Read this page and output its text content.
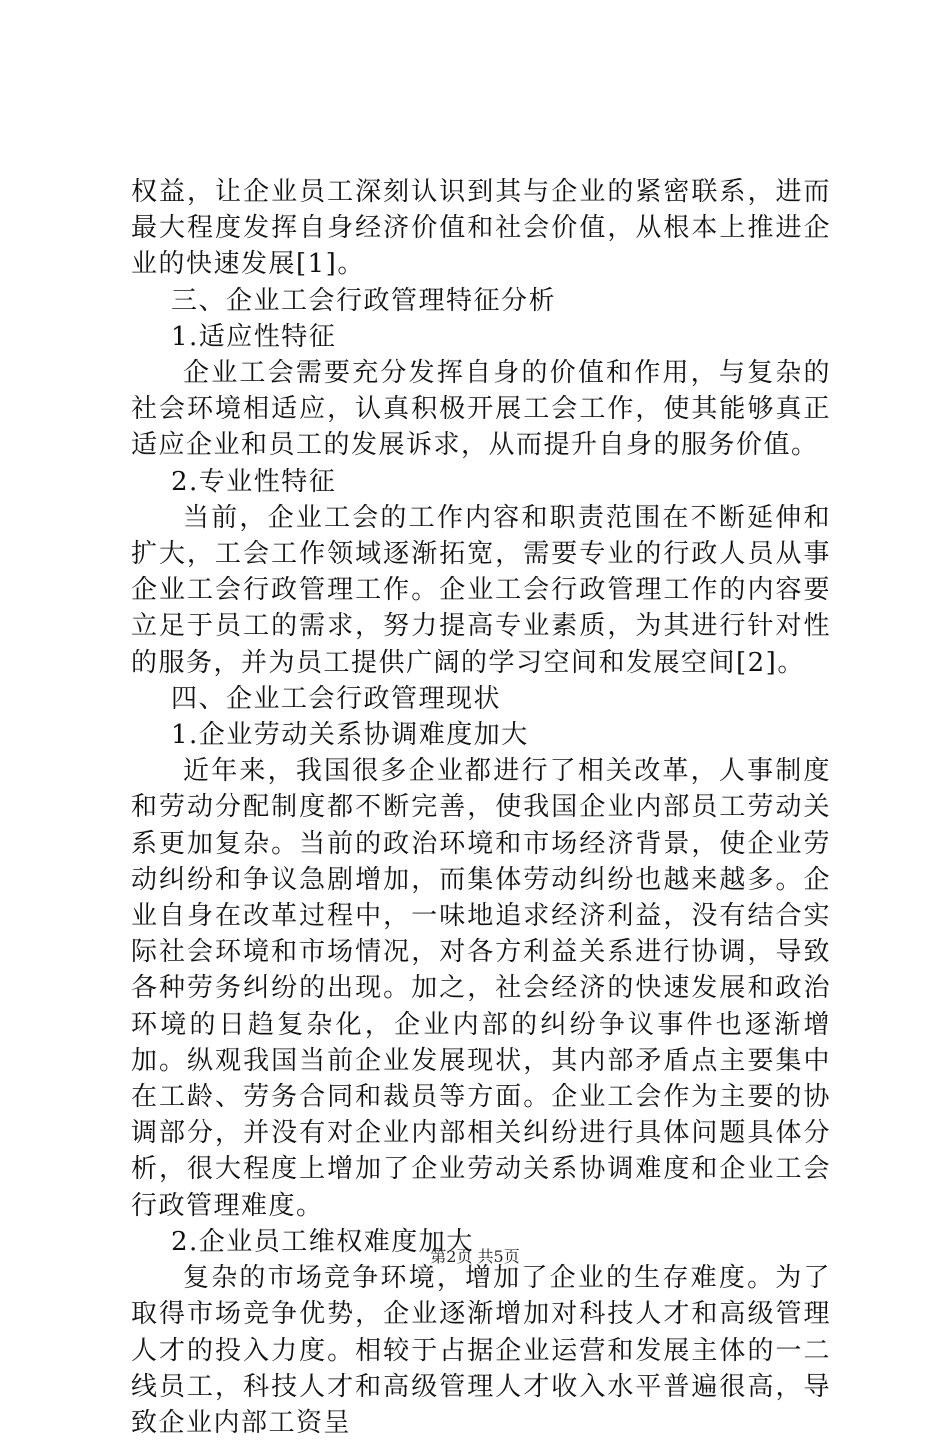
权益，让企业员工深刻认识到其与企业的紧密联系，进而最大程度发挥自身经济价值和社会价值，从根本上推进企业的快速发展[1]。

三、企业工会行政管理特征分析

1.适应性特征

企业工会需要充分发挥自身的价值和作用，与复杂的社会环境相适应，认真积极开展工会工作，使其能够真正适应企业和员工的发展诉求，从而提升自身的服务价值。

2.专业性特征

当前，企业工会的工作内容和职责范围在不断延伸和扩大，工会工作领域逐渐拓宽，需要专业的行政人员从事企业工会行政管理工作。企业工会行政管理工作的内容要立足于员工的需求，努力提高专业素质，为其进行针对性的服务，并为员工提供广阔的学习空间和发展空间[2]。

四、企业工会行政管理现状

1.企业劳动关系协调难度加大

近年来，我国很多企业都进行了相关改革，人事制度和劳动分配制度都不断完善，使我国企业内部员工劳动关系更加复杂。当前的政治环境和市场经济背景，使企业劳动纠纷和争议急剧增加，而集体劳动纠纷也越来越多。企业自身在改革过程中，一味地追求经济利益，没有结合实际社会环境和市场情况，对各方利益关系进行协调，导致各种劳务纠纷的出现。加之，社会经济的快速发展和政治环境的日趋复杂化，企业内部的纠纷争议事件也逐渐增加。纵观我国当前企业发展现状，其内部矛盾点主要集中在工龄、劳务合同和裁员等方面。企业工会作为主要的协调部分，并没有对企业内部相关纠纷进行具体问题具体分析，很大程度上增加了企业劳动关系协调难度和企业工会行政管理难度。

2.企业员工维权难度加大

复杂的市场竞争环境，增加了企业的生存难度。为了取得市场竞争优势，企业逐渐增加对科技人才和高级管理人才的投入力度。相较于占据企业运营和发展主体的一二线员工，科技人才和高级管理人才收入水平普遍很高，导致企业内部工资呈

第2页 共5页
